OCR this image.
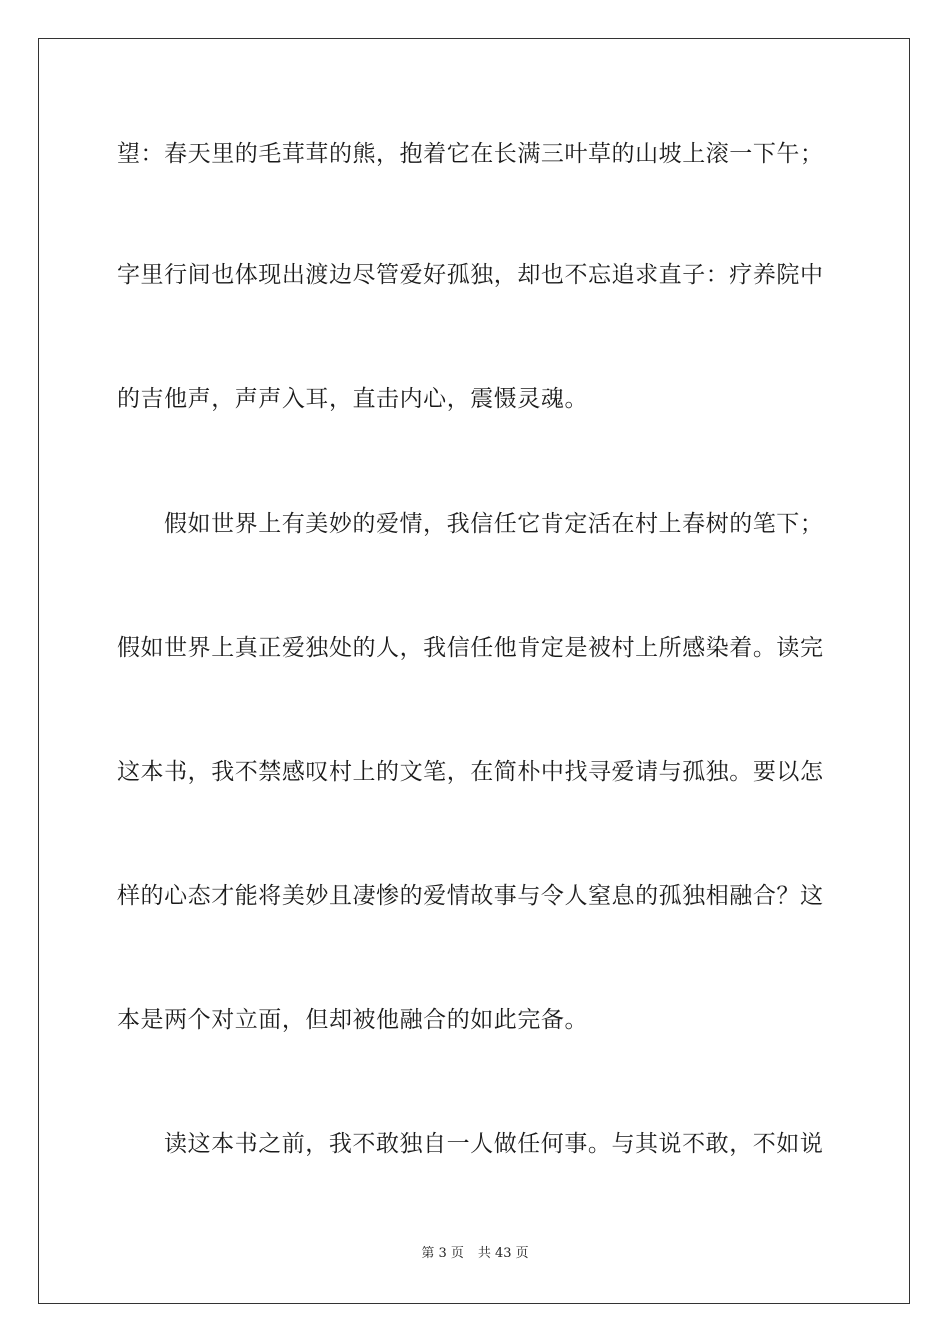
望：春天里的毛茸茸的熊，抱着它在长满三叶草的山坡上滚一下午；
字里行间也体现出渡边尽管爱好孤独，却也不忘追求直子：疗养院中
的吉他声，声声入耳，直击内心，震慑灵魂。
假如世界上有美妙的爱情，我信任它肯定活在村上春树的笔下；
假如世界上真正爱独处的人，我信任他肯定是被村上所感染着。读完
这本书，我不禁感叹村上的文笔，在简朴中找寻爱请与孤独。要以怎
样的心态才能将美妙且凄惨的爱情故事与令人窒息的孤独相融合？这
本是两个对立面，但却被他融合的如此完备。
读这本书之前，我不敢独自一人做任何事。与其说不敢，不如说
第 3 页 共 43 页
